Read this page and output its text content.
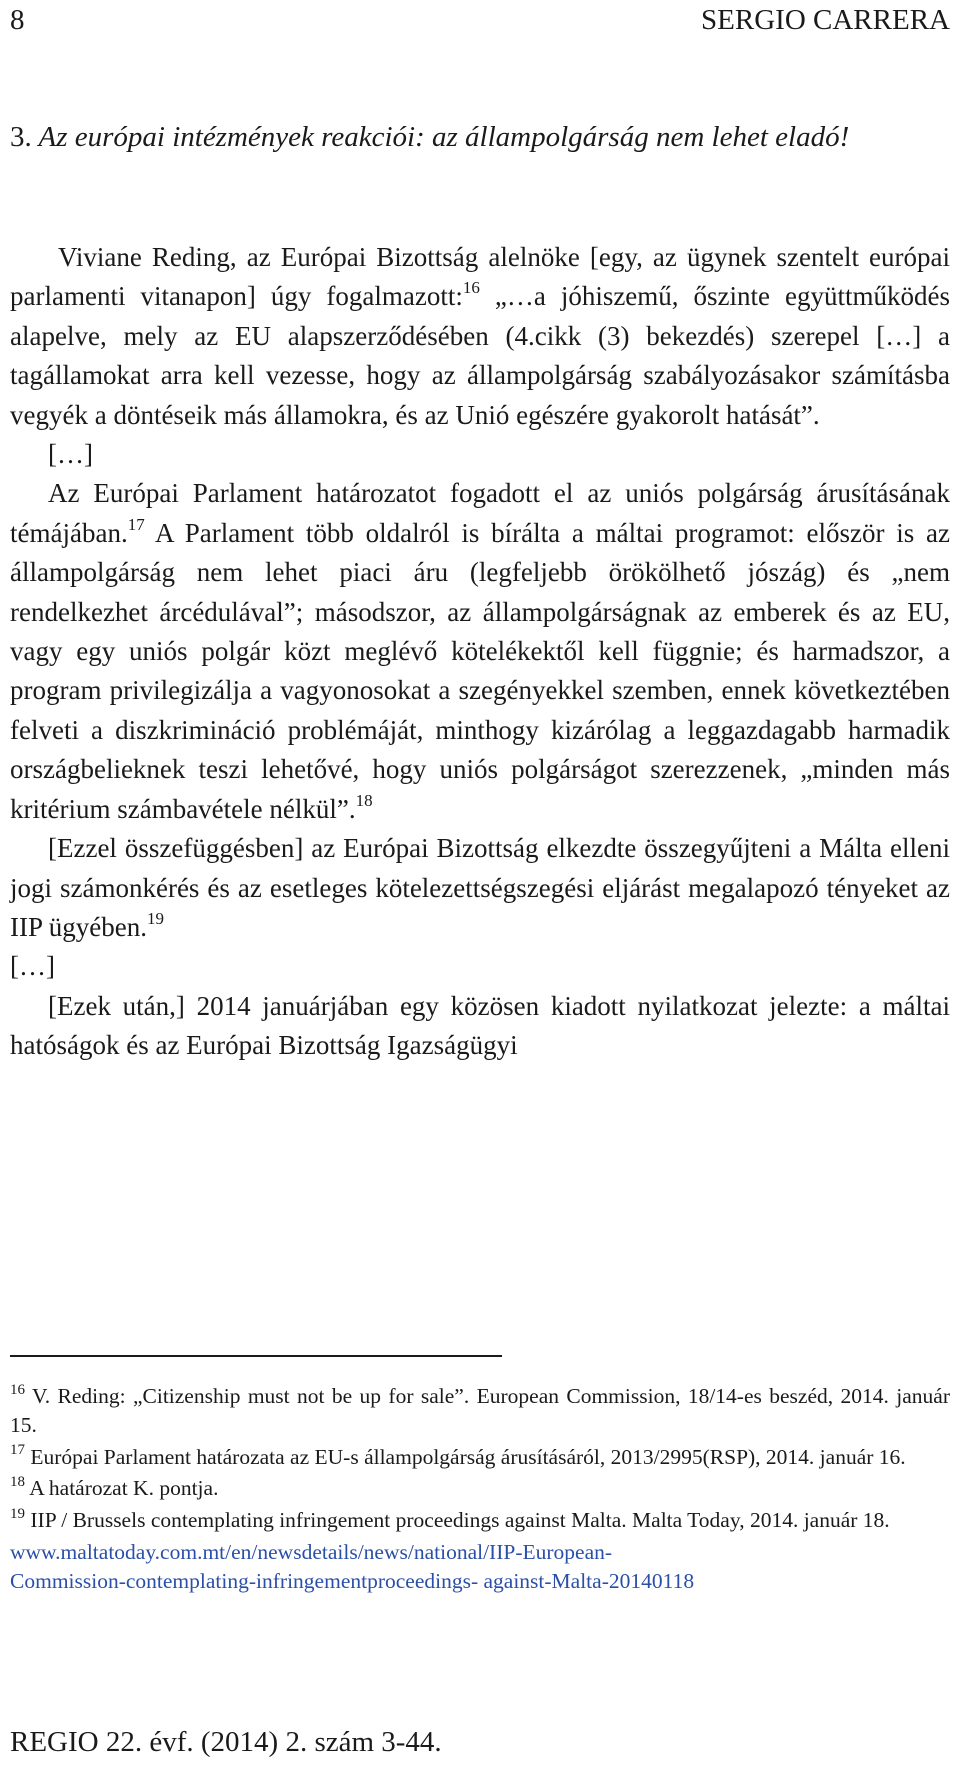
8	SERGIO CARRERA
3. Az európai intézmények reakciói: az állampolgárság nem lehet eladó!

Viviane Reding, az Európai Bizottság alelnöke [egy, az ügynek szentelt európai parlamenti vitanapon] úgy fogalmazott:$^{16}$ „…a jóhiszemű, őszinte együttműködés alapelve, mely az EU alapszerződésében (4.cikk (3) bekezdés) szerepel […] a tagállamokat arra kell vezesse, hogy az állampolgárság szabályozásakor számításba vegyék a döntéseik más államokra, és az Unió egészére gyakorolt hatását”.

[…]

Az Európai Parlament határozatot fogadott el az uniós polgárság árusításának témájában.$^{17}$ A Parlament több oldalról is bírálta a máltai programot: először is az állampolgárság nem lehet piaci áru (legfeljebb örökölhető jószág) és „nem rendelkezhet árcédulával”; másodszor, az állampolgárságnak az emberek és az EU, vagy egy uniós polgár közt meglévő kötelékektől kell függnie; és harmadszor, a program privilegizálja a vagyonosokat a szegényekkel szemben, ennek következtében felveti a diszkrimináció problémáját, minthogy kizárólag a leggazdagabb harmadik országbelieknek teszi lehetővé, hogy uniós polgárságot szerezzenek, „minden más kritérium számbavétele nélkül”.$^{18}$

[Ezzel összefüggésben] az Európai Bizottság elkezdte összegyűjteni a Málta elleni jogi számonkérés és az esetleges kötelezettségszegési eljárást megalapozó tényeket az IIP ügyében.$^{19}$

[…]

[Ezek után,] 2014 januárjában egy közösen kiadott nyilatkozat jelezte: a máltai hatóságok és az Európai Bizottság Igazságügyi

$^{16}$ V. Reding: „Citizenship must not be up for sale”. European Commission, 18/14-es beszéd, 2014. január 15.

$^{17}$ Európai Parlament határozata az EU-s állampolgárság árusításáról, 2013/2995(RSP), 2014. január 16.

$^{18}$ A határozat K. pontja.

$^{19}$ IIP / Brussels contemplating infringement proceedings against Malta. Malta Today, 2014. január 18.

www.maltatoday.com.mt/en/newsdetails/news/national/IIP-European-

Commission-contemplating-infringementproceedings- against-Malta-20140118

REGIO 22. évf. (2014) 2. szám 3-44.
